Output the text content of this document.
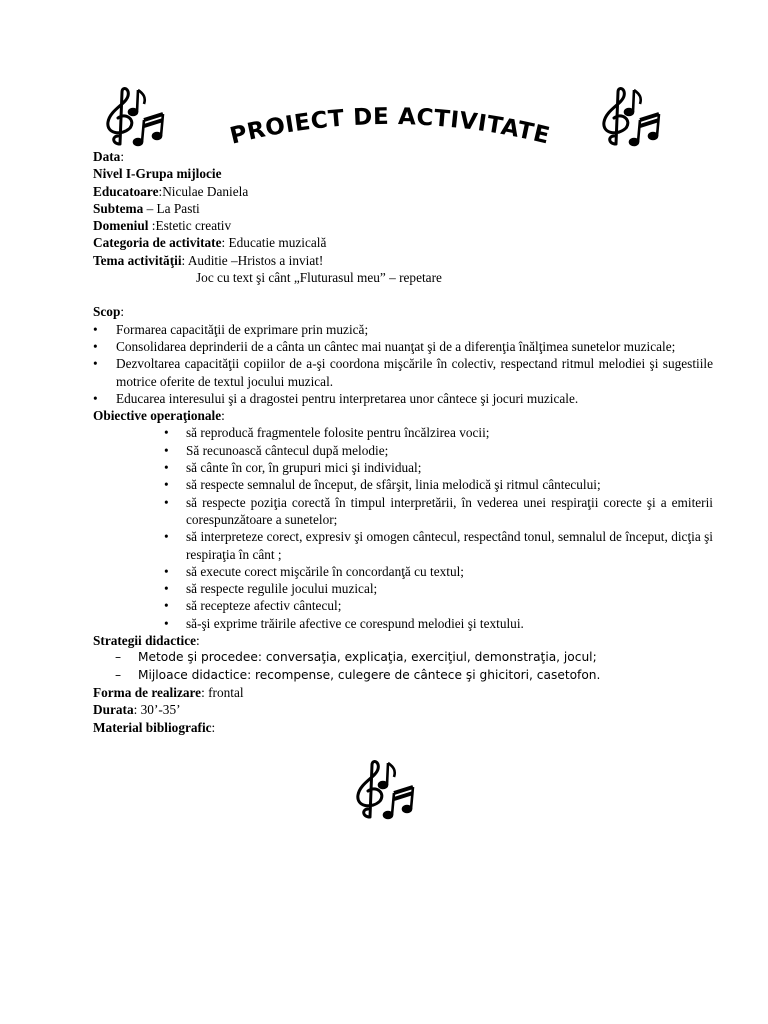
PROIECT DE ACTIVITATE
Data:
Nivel I-Grupa mijlocie
Educatoare:Niculae Daniela
Subtema – La Pasti
Domeniul :Estetic creativ
Categoria de activitate: Educatie muzicală
Tema activităţii: Auditie –Hristos a inviat!
Joc cu text şi cânt „Fluturasul meu” – repetare
Scop:
• Formarea capacităţii de exprimare prin muzică;
• Consolidarea deprinderii de a cânta un cântec mai nuanţat şi de a diferenţia înălţimea sunetelor muzicale;
• Dezvoltarea capacităţii copiilor de a-şi coordona mişcările în colectiv, respectand ritmul melodiei şi sugestiile motrice oferite de textul jocului muzical.
• Educarea interesului şi a dragostei pentru interpretarea unor cântece şi jocuri muzicale.
Obiective operaţionale:
• să reproducă fragmentele folosite pentru încălzirea vocii;
• Să recunoască cântecul după melodie;
• să cânte în cor, în grupuri mici şi individual;
• să respecte semnalul de început, de sfârşit, linia melodică şi ritmul cântecului;
• să respecte poziţia corectă în timpul interpretării, în vederea unei respiraţii corecte şi a emiterii corespunzătoare a sunetelor;
• să interpreteze corect, expresiv şi omogen cântecul, respectând tonul, semnalul de început, dicţia şi respiraţia în cânt ;
• să execute corect mişcările în concordanţă cu textul;
• să respecte regulile jocului muzical;
• să recepteze afectiv cântecul;
• să-şi exprime trăirile afective ce corespund melodiei şi textului.
Strategii didactice:
– Metode şi procedee: conversaţia, explicaţia, exerciţiul, demonstraţia, jocul;
– Mijloace didactice: recompense, culegere de cântece şi ghicitori, casetofon.
Forma de realizare: frontal
Durata: 30’-35’
Material bibliografic:
